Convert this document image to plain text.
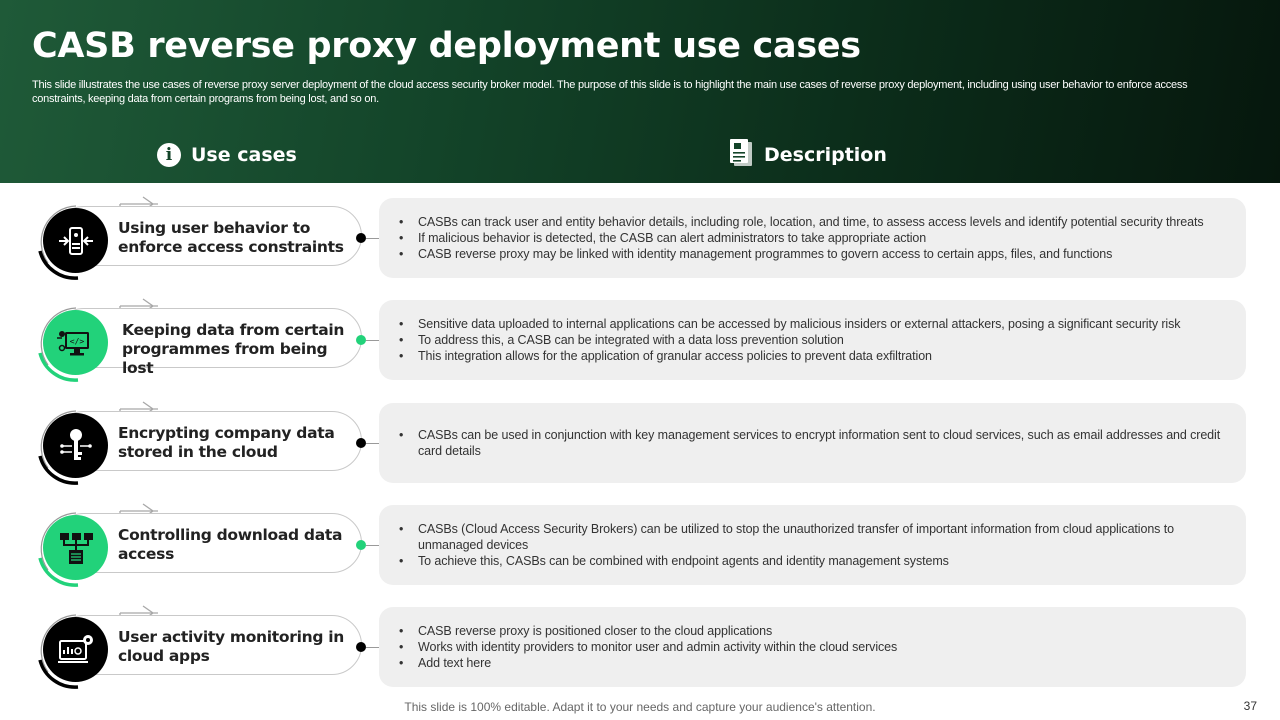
CASB reverse proxy deployment use cases
This slide illustrates the use cases of reverse proxy server deployment of the cloud access security broker model. The purpose of this slide is to highlight the main use cases of reverse proxy deployment, including using user behavior to enforce access constraints, keeping data from certain programs from being lost, and so on.
i Use cases	Description
Using user behavior to enforce access constraints
• CASBs can track user and entity behavior details, including role, location, and time, to assess access levels and identify potential security threats
• If malicious behavior is detected, the CASB can alert administrators to take appropriate action
• CASB reverse proxy may be linked with identity management programmes to govern access to certain apps, files, and functions
</>
Keeping data from certain programmes from being lost
• Sensitive data uploaded to internal applications can be accessed by malicious insiders or external attackers, posing a significant security risk
• To address this, a CASB can be integrated with a data loss prevention solution
• This integration allows for the application of granular access policies to prevent data exfiltration
Encrypting company data stored in the cloud
• CASBs can be used in conjunction with key management services to encrypt information sent to cloud services, such as email addresses and credit card details
Controlling download data access
• CASBs (Cloud Access Security Brokers) can be utilized to stop the unauthorized transfer of important information from cloud applications to unmanaged devices
• To achieve this, CASBs can be combined with endpoint agents and identity management systems
User activity monitoring in cloud apps
• CASB reverse proxy is positioned closer to the cloud applications
• Works with identity providers to monitor user and admin activity within the cloud services
• Add text here
This slide is 100% editable. Adapt it to your needs and capture your audience's attention.	37
